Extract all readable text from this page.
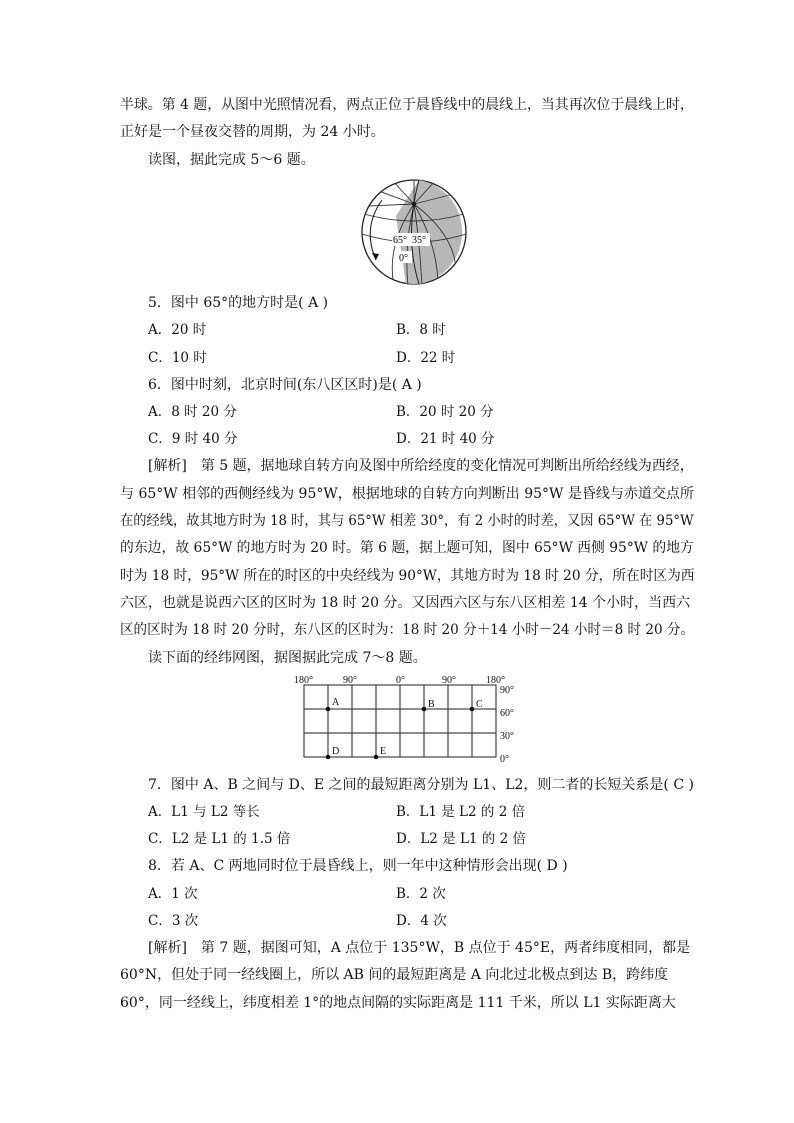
半球。第 4 题，从图中光照情况看，两点正位于晨昏线中的晨线上，当其再次位于晨线上时，
正好是一个昼夜交替的周期，为 24 小时。
读图，据此完成 5～6 题。
65° 35°
0°
5．图中 65°的地方时是( A )
A．20 时	B．8 时
C．10 时	D．22 时
6．图中时刻，北京时间(东八区区时)是( A )
A．8 时 20 分	B．20 时 20 分
C．9 时 40 分	D．21 时 40 分
[解析]　第 5 题，据地球自转方向及图中所给经度的变化情况可判断出所给经线为西经，
与 65°W 相邻的西侧经线为 95°W，根据地球的自转方向判断出 95°W 是昏线与赤道交点所
在的经线，故其地方时为 18 时，其与 65°W 相差 30°，有 2 小时的时差，又因 65°W 在 95°W
的东边，故 65°W 的地方时为 20 时。第 6 题，据上题可知，图中 65°W 西侧 95°W 的地方
时为 18 时，95°W 所在的时区的中央经线为 90°W，其地方时为 18 时 20 分，所在时区为西
六区，也就是说西六区的区时为 18 时 20 分。又因西六区与东八区相差 14 个小时，当西六
区的区时为 18 时 20 分时，东八区的区时为：18 时 20 分＋14 小时－24 小时＝8 时 20 分。
读下面的经纬网图，据图据此完成 7～8 题。
180°	90°	0°	90°	180°
90°
60°
30°
0°
A	B	C
D	E
7．图中 A、B 之间与 D、E 之间的最短距离分别为 L1、L2，则二者的长短关系是( C )
A．L1 与 L2 等长	B．L1 是 L2 的 2 倍
C．L2 是 L1 的 1.5 倍	D．L2 是 L1 的 2 倍
8．若 A、C 两地同时位于晨昏线上，则一年中这种情形会出现( D )
A．1 次	B．2 次
C．3 次	D．4 次
[解析]　第 7 题，据图可知，A 点位于 135°W，B 点位于 45°E，两者纬度相同，都是
60°N，但处于同一经线圈上，所以 AB 间的最短距离是 A 向北过北极点到达 B，跨纬度
60°，同一经线上，纬度相差 1°的地点间隔的实际距离是 111 千米，所以 L1 实际距离大
